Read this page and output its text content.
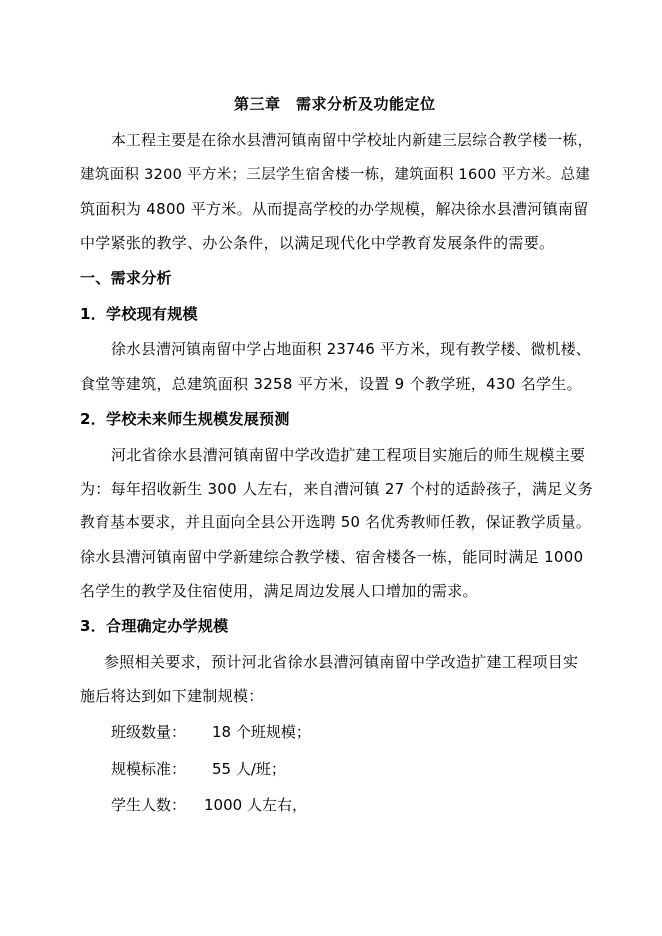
第三章　需求分析及功能定位
本工程主要是在徐水县漕河镇南留中学校址内新建三层综合教学楼一栋，
建筑面积 3200 平方米；三层学生宿舍楼一栋，建筑面积 1600 平方米。总建
筑面积为 4800 平方米。从而提高学校的办学规模，解决徐水县漕河镇南留
中学紧张的教学、办公条件，以满足现代化中学教育发展条件的需要。
一、需求分析
1．学校现有规模
徐水县漕河镇南留中学占地面积 23746 平方米，现有教学楼、微机楼、
食堂等建筑，总建筑面积 3258 平方米，设置 9 个教学班，430 名学生。
2．学校未来师生规模发展预测
河北省徐水县漕河镇南留中学改造扩建工程项目实施后的师生规模主要
为：每年招收新生 300 人左右，来自漕河镇 27 个村的适龄孩子，满足义务
教育基本要求，并且面向全县公开选聘 50 名优秀教师任教，保证教学质量。
徐水县漕河镇南留中学新建综合教学楼、宿舍楼各一栋，能同时满足 1000
名学生的教学及住宿使用，满足周边发展人口增加的需求。
3．合理确定办学规模
参照相关要求，预计河北省徐水县漕河镇南留中学改造扩建工程项目实
施后将达到如下建制规模：
班级数量： 18 个班规模；
规模标准： 55 人/班；
学生人数： 1000 人左右，
